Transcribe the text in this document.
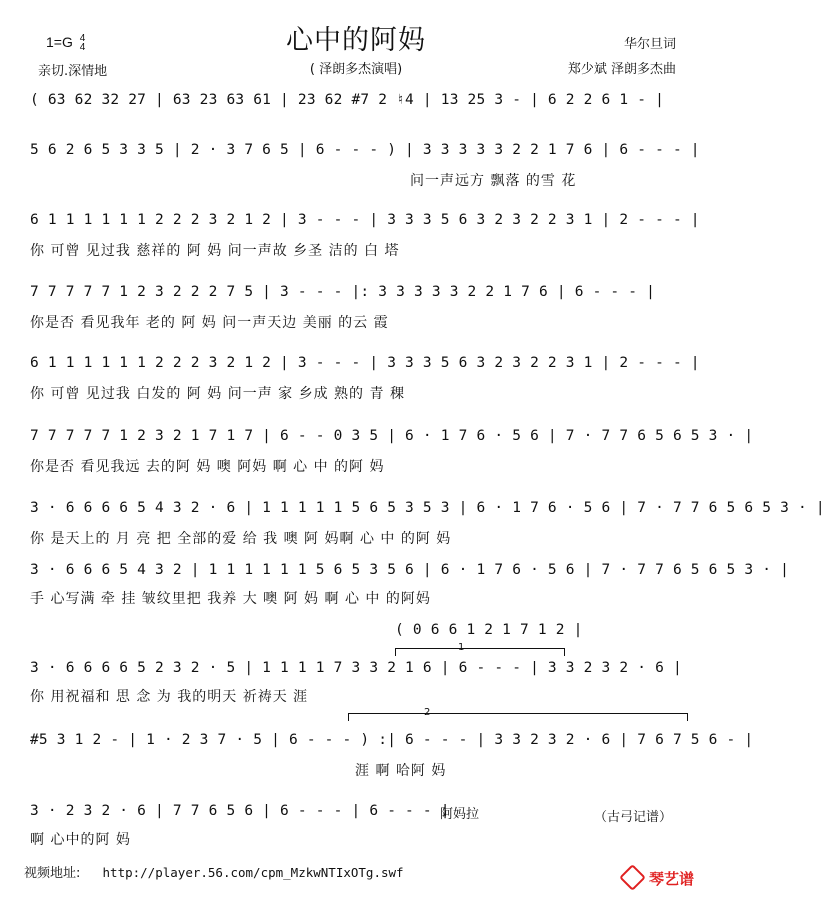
心中的阿妈
1=G 4
4
亲切.深情地	( 泽朗多杰演唱)
华尔旦词
郑少斌 泽朗多杰曲
( 63 62 32 27 | 63 23 63 61 | 23 62 #7 2 ♮4 | 13 25 3 - | 6 2 2 6 1 - |
5 6 2 6 5 3 3 5 | 2 · 3 7 6 5 | 6 - - - ) | 3 3 3 3 3 2 2 1 7 6 | 6 - - - |
问一声远方 飘落 的雪 花
6 1 1 1 1 1 1 2 2 2 3 2 1 2 | 3 - - - | 3 3 3 5 6 3 2 3 2 2 3 1 | 2 - - - |
你 可曾 见过我 慈祥的 阿 妈 问一声故 乡圣 洁的 白 塔
7 7 7 7 7 1 2 3 2 2 2 7 5 | 3 - - - |: 3 3 3 3 3 2 2 1 7 6 | 6 - - - |
你是否 看见我年 老的 阿 妈 问一声天边 美丽 的云 霞
6 1 1 1 1 1 1 2 2 2 3 2 1 2 | 3 - - - | 3 3 3 5 6 3 2 3 2 2 3 1 | 2 - - - |
你 可曾 见过我 白发的 阿 妈 问一声 家 乡成 熟的 青 稞
7 7 7 7 7 1 2 3 2 1 7 1 7 | 6 - - 0 3 5 | 6 · 1 7 6 · 5 6 | 7 · 7 7 6 5 6 5 3 · |
你是否 看见我远 去的阿 妈 噢 阿妈 啊 心 中 的阿 妈
3 · 6 6 6 6 5 4 3 2 · 6 | 1 1 1 1 1 5 6 5 3 5 3 | 6 · 1 7 6 · 5 6 | 7 · 7 7 6 5 6 5 3 · |
你 是天上的 月 亮 把 全部的爱 给 我 噢 阿 妈啊 心 中 的阿 妈
3 · 6 6 6 5 4 3 2 | 1 1 1 1 1 1 5 6 5 3 5 6 | 6 · 1 7 6 · 5 6 | 7 · 7 7 6 5 6 5 3 · |
手 心写满 牵 挂 皱纹里把 我养 大 噢 阿 妈 啊 心 中 的阿妈
( 0 6 6 1 2 1 7 1 2 |
1
3 · 6 6 6 6 5 2 3 2 · 5 | 1 1 1 1 7 3 3 2 1 6 | 6 - - - | 3 3 2 3 2 · 6 |
你 用祝福和 思 念 为 我的明天 祈祷天 涯
2
#5 3 1 2 - | 1 · 2 3 7 · 5 | 6 - - - ) :| 6 - - - | 3 3 2 3 2 · 6 | 7 6 7 5 6 - |
涯 啊 哈阿 妈
3 · 2 3 2 · 6 | 7 7 6 5 6 | 6 - - - | 6 - - - |
啊 心中的阿 妈
阿妈拉	（古弓记谱）
视频地址: http://player.56.com/cpm_MzkwNTIxOTg.swf	琴艺谱
